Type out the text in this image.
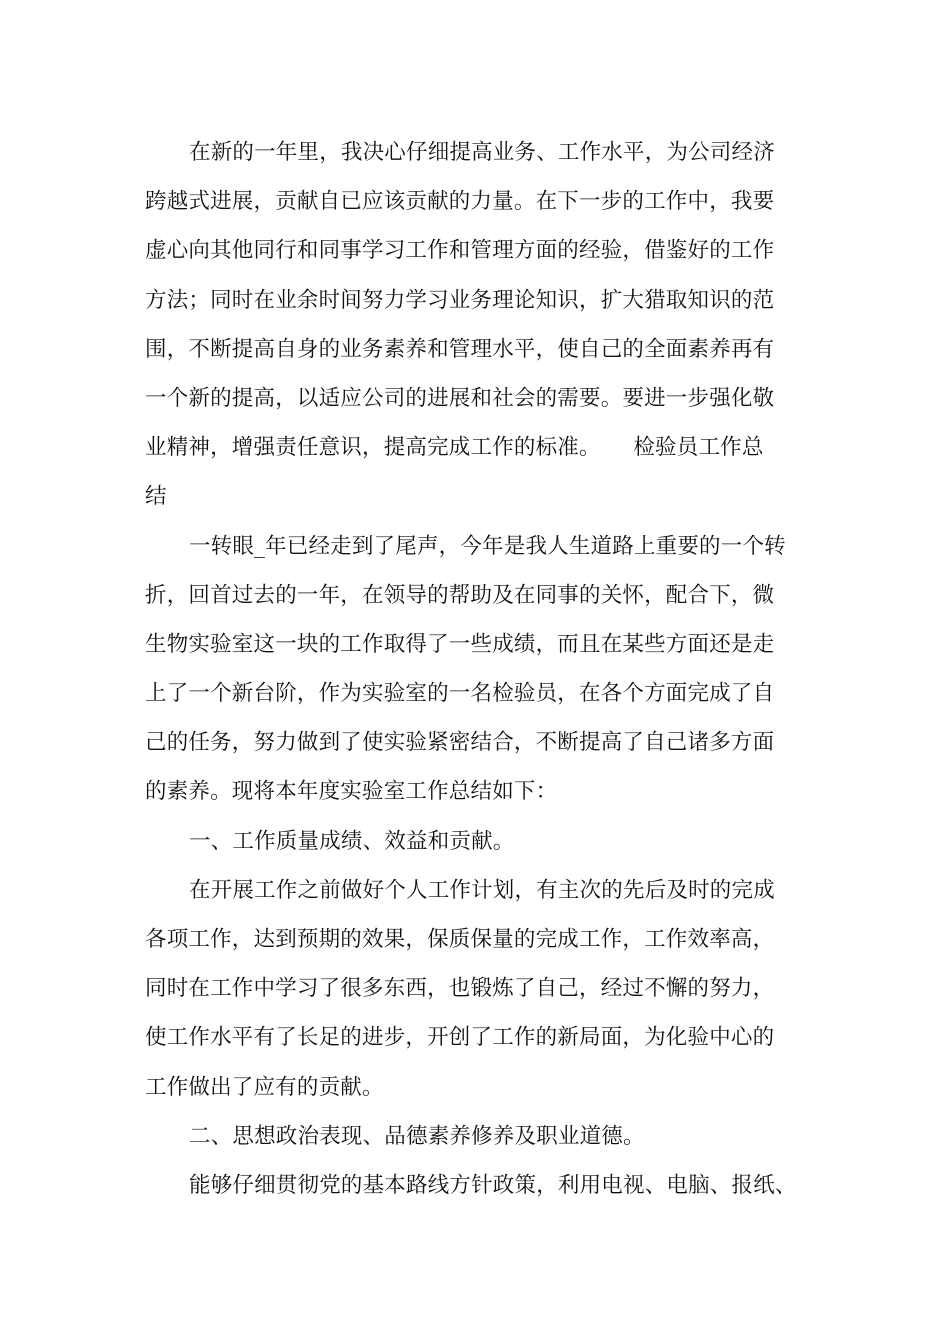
在新的一年里，我决心仔细提高业务、工作水平，为公司经济
跨越式进展，贡献自已应该贡献的力量。在下一步的工作中，我要
虚心向其他同行和同事学习工作和管理方面的经验，借鉴好的工作
方法；同时在业余时间努力学习业务理论知识，扩大猎取知识的范
围，不断提高自身的业务素养和管理水平，使自己的全面素养再有
一个新的提高，以适应公司的进展和社会的需要。要进一步强化敬
业精神，增强责任意识，提高完成工作的标准。　　检验员工作总
结
一转眼_年已经走到了尾声，今年是我人生道路上重要的一个转
折，回首过去的一年，在领导的帮助及在同事的关怀，配合下，微
生物实验室这一块的工作取得了一些成绩，而且在某些方面还是走
上了一个新台阶，作为实验室的一名检验员，在各个方面完成了自
己的任务，努力做到了使实验紧密结合，不断提高了自己诸多方面
的素养。现将本年度实验室工作总结如下：
一、工作质量成绩、效益和贡献。
在开展工作之前做好个人工作计划，有主次的先后及时的完成
各项工作，达到预期的效果，保质保量的完成工作，工作效率高，
同时在工作中学习了很多东西，也锻炼了自己，经过不懈的努力，
使工作水平有了长足的进步，开创了工作的新局面，为化验中心的
工作做出了应有的贡献。
二、思想政治表现、品德素养修养及职业道德。
能够仔细贯彻党的基本路线方针政策，利用电视、电脑、报纸、
